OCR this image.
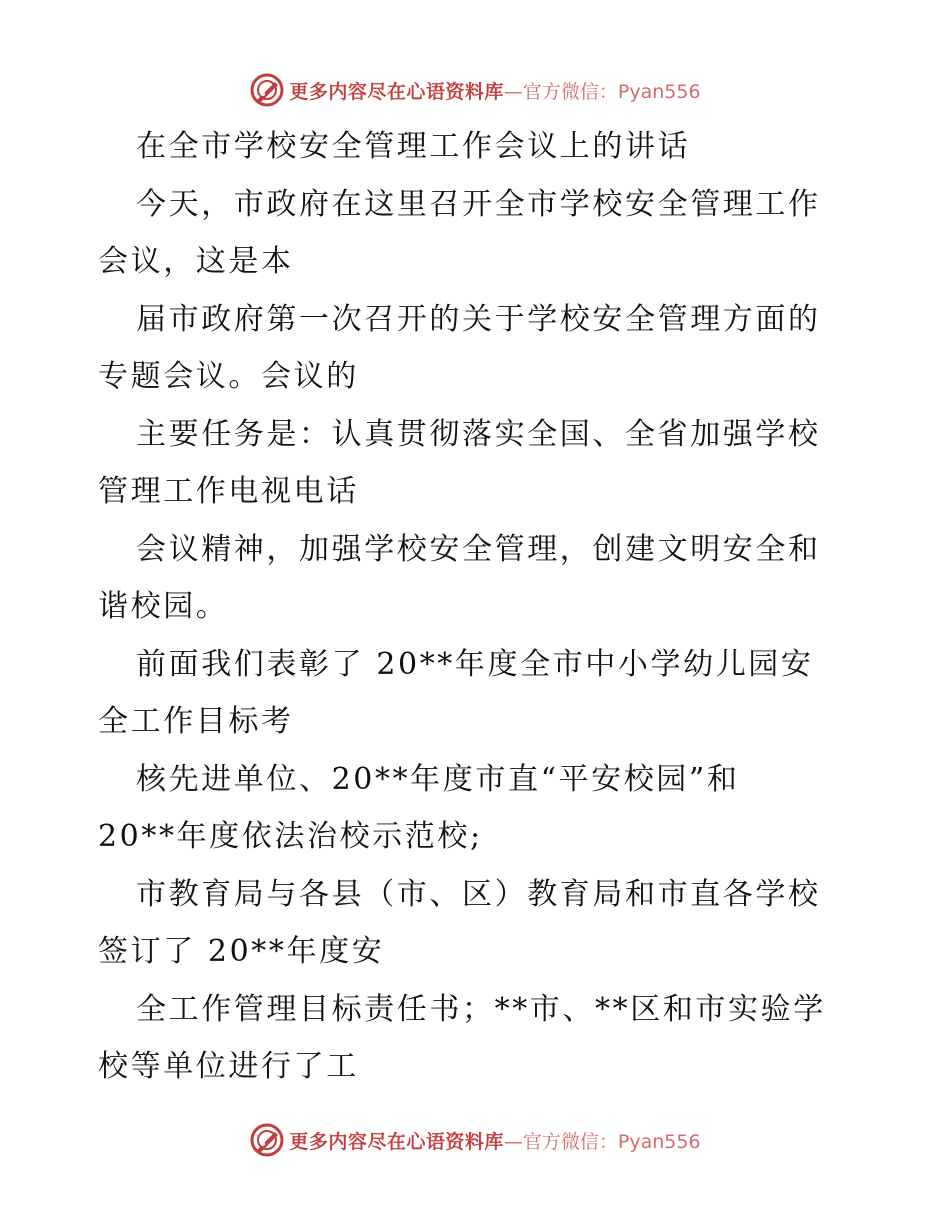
更多内容尽在心语资料库 —官方微信：Pyan556
在全市学校安全管理工作会议上的讲话
今天，市政府在这里召开全市学校安全管理工作
会议，这是本
届市政府第一次召开的关于学校安全管理方面的
专题会议。会议的
主要任务是：认真贯彻落实全国、全省加强学校
管理工作电视电话
会议精神，加强学校安全管理，创建文明安全和
谐校园。
前面我们表彰了 20**年度全市中小学幼儿园安
全工作目标考
核先进单位、20**年度市直“平安校园”和
20**年度依法治校示范校;
市教育局与各县（市、区）教育局和市直各学校
签订了 20**年度安
全工作管理目标责任书；**市、**区和市实验学
校等单位进行了工
更多内容尽在心语资料库 —官方微信：Pyan556
